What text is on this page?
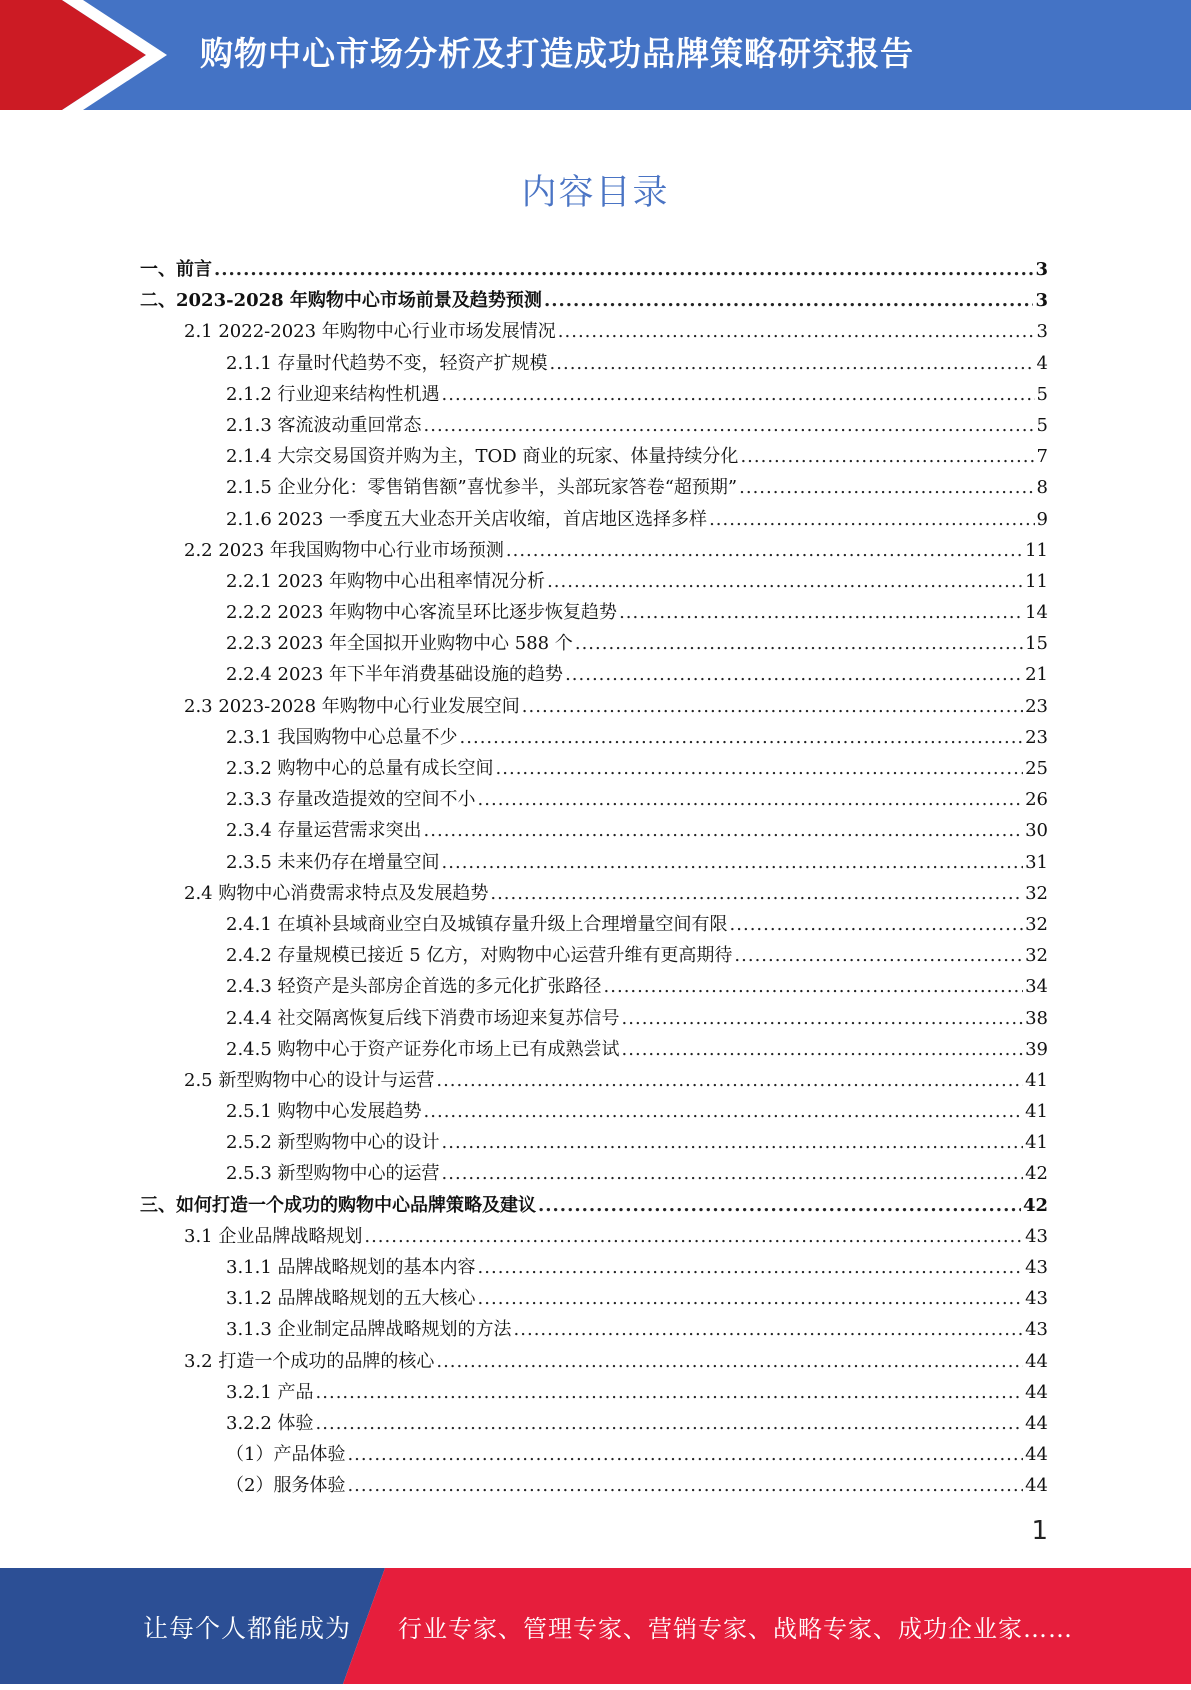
购物中心市场分析及打造成功品牌策略研究报告
内容目录
一、前言 .....	3
二、2023-2028 年购物中心市场前景及趋势预测 .....	3
2.1 2022-2023 年购物中心行业市场发展情况 .....	3
2.1.1 存量时代趋势不变，轻资产扩规模 .....	4
2.1.2 行业迎来结构性机遇 .....	5
2.1.3 客流波动重回常态 .....	5
2.1.4 大宗交易国资并购为主，TOD 商业的玩家、体量持续分化 .....	7
2.1.5 企业分化：零售销售额”喜忧参半，头部玩家答卷“超预期” .....	8
2.1.6 2023 一季度五大业态开关店收缩，首店地区选择多样 .....	9
2.2 2023 年我国购物中心行业市场预测 .....	11
2.2.1 2023 年购物中心出租率情况分析 .....	11
2.2.2 2023 年购物中心客流呈环比逐步恢复趋势 .....	14
2.2.3 2023 年全国拟开业购物中心 588 个 .....	15
2.2.4 2023 年下半年消费基础设施的趋势 .....	21
2.3 2023-2028 年购物中心行业发展空间 .....	23
2.3.1 我国购物中心总量不少 .....	23
2.3.2 购物中心的总量有成长空间 .....	25
2.3.3 存量改造提效的空间不小 .....	26
2.3.4 存量运营需求突出 .....	30
2.3.5 未来仍存在增量空间 .....	31
2.4 购物中心消费需求特点及发展趋势 .....	32
2.4.1 在填补县域商业空白及城镇存量升级上合理增量空间有限 .....	32
2.4.2 存量规模已接近 5 亿方，对购物中心运营升维有更高期待 .....	32
2.4.3 轻资产是头部房企首选的多元化扩张路径 .....	34
2.4.4 社交隔离恢复后线下消费市场迎来复苏信号 .....	38
2.4.5 购物中心于资产证券化市场上已有成熟尝试 .....	39
2.5 新型购物中心的设计与运营 .....	41
2.5.1 购物中心发展趋势 .....	41
2.5.2 新型购物中心的设计 .....	41
2.5.3 新型购物中心的运营 .....	42
三、如何打造一个成功的购物中心品牌策略及建议 .....	42
3.1 企业品牌战略规划 .....	43
3.1.1 品牌战略规划的基本内容 .....	43
3.1.2 品牌战略规划的五大核心 .....	43
3.1.3 企业制定品牌战略规划的方法 .....	43
3.2 打造一个成功的品牌的核心 .....	44
3.2.1 产品 .....	44
3.2.2 体验 .....	44
（1）产品体验 .....	44
（2）服务体验 .....	44
1
让每个人都能成为 行业专家、管理专家、营销专家、战略专家、成功企业家……
